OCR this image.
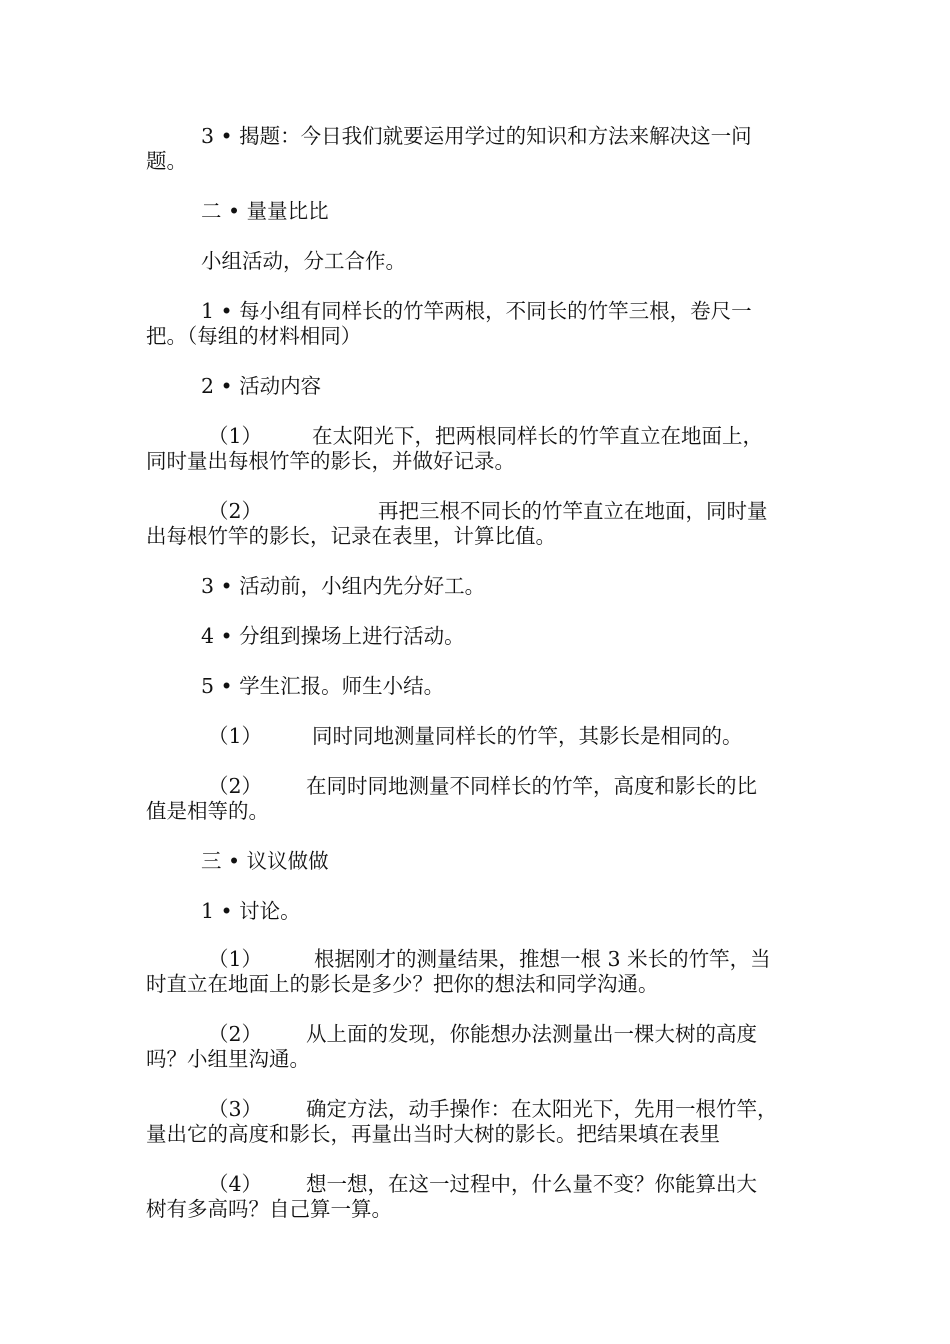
3 • 揭题：今日我们就要运用学过的知识和方法来解决这一问
题。
二 • 量量比比
小组活动，分工合作。
1 • 每小组有同样长的竹竿两根，不同长的竹竿三根，卷尺一
把。（每组的材料相同）
2 • 活动内容
（1） 在太阳光下，把两根同样长的竹竿直立在地面上，
同时量出每根竹竿的影长，并做好记录。
（2）	再把三根不同长的竹竿直立在地面，同时量
出每根竹竿的影长，记录在表里，计算比值。
3 • 活动前，小组内先分好工。
4 • 分组到操场上进行活动。
5 • 学生汇报。师生小结。
（1） 同时同地测量同样长的竹竿，其影长是相同的。
（2） 在同时同地测量不同样长的竹竿，高度和影长的比
值是相等的。
三 • 议议做做
1 • 讨论。
（1）	根据刚才的测量结果，推想一根 3 米长的竹竿，当
时直立在地面上的影长是多少？把你的想法和同学沟通。
（2） 从上面的发现，你能想办法测量出一棵大树的高度
吗？小组里沟通。
（3） 确定方法，动手操作：在太阳光下，先用一根竹竿，
量出它的高度和影长，再量出当时大树的影长。把结果填在表里
（4） 想一想，在这一过程中，什么量不变？你能算出大
树有多高吗？自己算一算。
